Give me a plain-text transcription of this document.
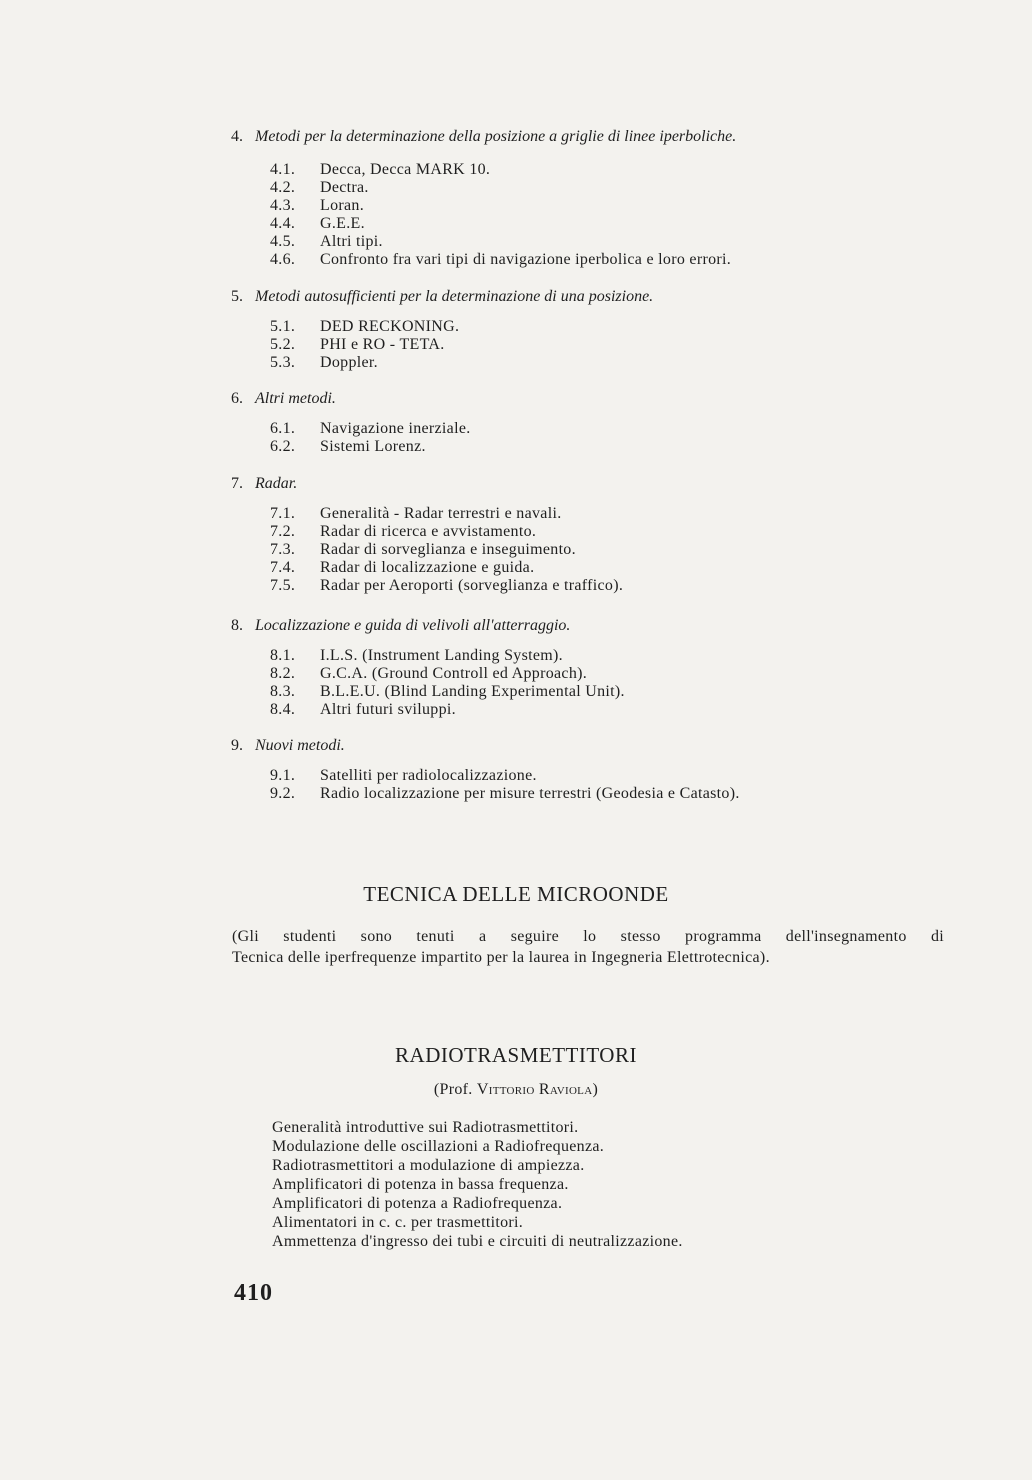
4. Metodi per la determinazione della posizione a griglie di linee iperboliche.
4.1. Decca, Decca MARK 10.
4.2. Dectra.
4.3. Loran.
4.4. G.E.E.
4.5. Altri tipi.
4.6. Confronto fra vari tipi di navigazione iperbolica e loro errori.
5. Metodi autosufficienti per la determinazione di una posizione.
5.1. DED RECKONING.
5.2. PHI e RO - TETA.
5.3. Doppler.
6. Altri metodi.
6.1. Navigazione inerziale.
6.2. Sistemi Lorenz.
7. Radar.
7.1. Generalità - Radar terrestri e navali.
7.2. Radar di ricerca e avvistamento.
7.3. Radar di sorveglianza e inseguimento.
7.4. Radar di localizzazione e guida.
7.5. Radar per Aeroporti (sorveglianza e traffico).
8. Localizzazione e guida di velivoli all'atterraggio.
8.1. I.L.S. (Instrument Landing System).
8.2. G.C.A. (Ground Controll ed Approach).
8.3. B.L.E.U. (Blind Landing Experimental Unit).
8.4. Altri futuri sviluppi.
9. Nuovi metodi.
9.1. Satelliti per radiolocalizzazione.
9.2. Radio localizzazione per misure terrestri (Geodesia e Catasto).
TECNICA DELLE MICROONDE
(Gli studenti sono tenuti a seguire lo stesso programma dell'insegnamento di
Tecnica delle iperfrequenze impartito per la laurea in Ingegneria Elettrotecnica).
RADIOTRASMETTITORI
(Prof. Vittorio Raviola)
Generalità introduttive sui Radiotrasmettitori.
Modulazione delle oscillazioni a Radiofrequenza.
Radiotrasmettitori a modulazione di ampiezza.
Amplificatori di potenza in bassa frequenza.
Amplificatori di potenza a Radiofrequenza.
Alimentatori in c. c. per trasmettitori.
Ammettenza d'ingresso dei tubi e circuiti di neutralizzazione.
410
